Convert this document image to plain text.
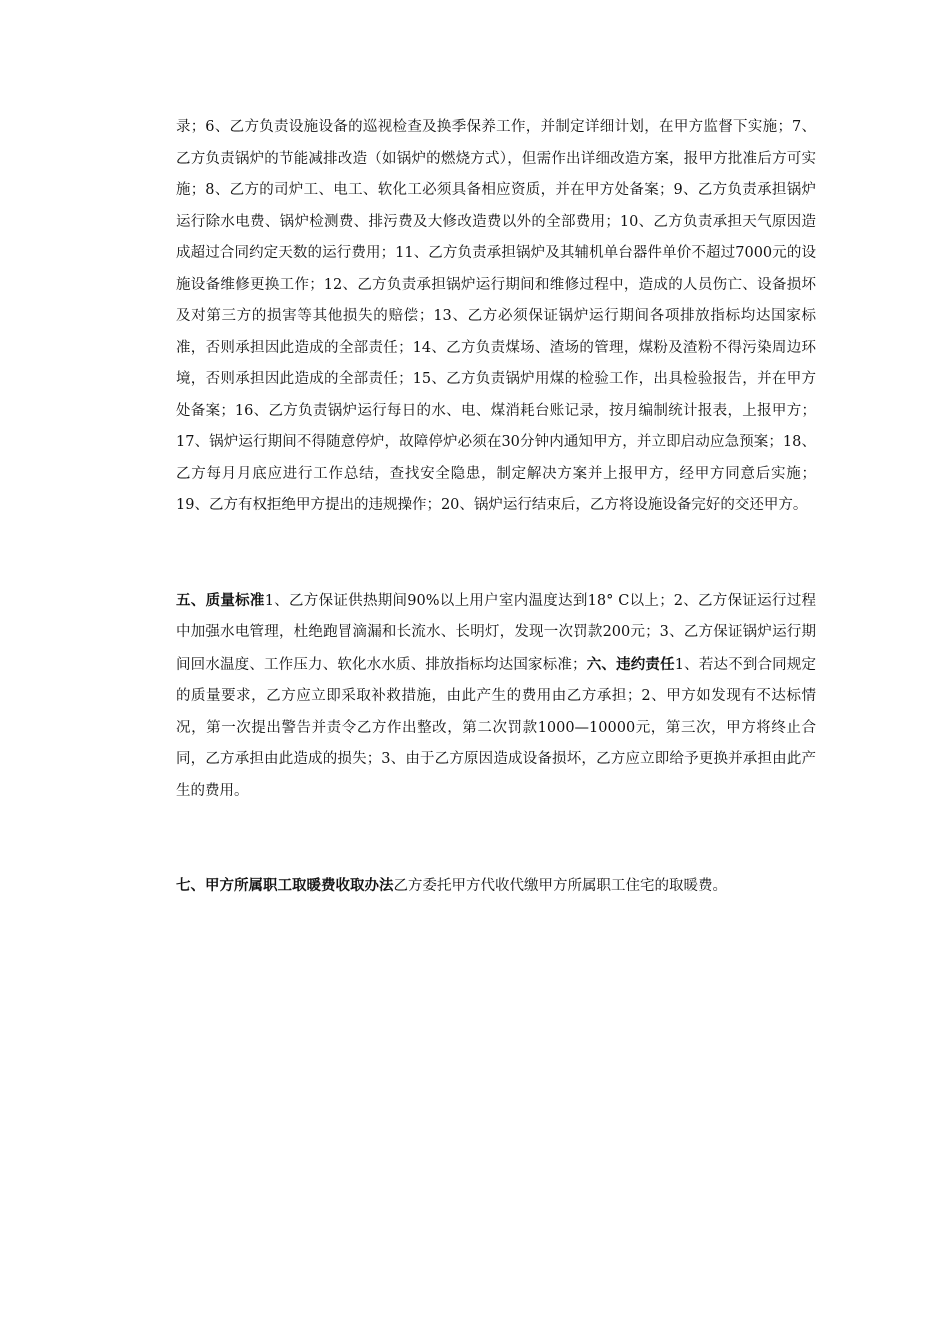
录；6、乙方负责设施设备的巡视检查及换季保养工作，并制定详细计划，在甲方监督下实施；7、乙方负责锅炉的节能减排改造（如锅炉的燃烧方式），但需作出详细改造方案，报甲方批准后方可实施；8、乙方的司炉工、电工、软化工必须具备相应资质，并在甲方处备案；9、乙方负责承担锅炉运行除水电费、锅炉检测费、排污费及大修改造费以外的全部费用；10、乙方负责承担天气原因造成超过合同约定天数的运行费用；11、乙方负责承担锅炉及其辅机单台器件单价不超过7000元的设施设备维修更换工作；12、乙方负责承担锅炉运行期间和维修过程中，造成的人员伤亡、设备损坏及对第三方的损害等其他损失的赔偿；13、乙方必须保证锅炉运行期间各项排放指标均达国家标准，否则承担因此造成的全部责任；14、乙方负责煤场、渣场的管理，煤粉及渣粉不得污染周边环境，否则承担因此造成的全部责任；15、乙方负责锅炉用煤的检验工作，出具检验报告，并在甲方处备案；16、乙方负责锅炉运行每日的水、电、煤消耗台账记录，按月编制统计报表，上报甲方；17、锅炉运行期间不得随意停炉，故障停炉必须在30分钟内通知甲方，并立即启动应急预案；18、乙方每月月底应进行工作总结，查找安全隐患，制定解决方案并上报甲方，经甲方同意后实施；19、乙方有权拒绝甲方提出的违规操作；20、锅炉运行结束后，乙方将设施设备完好的交还甲方。

五、质量标准1、乙方保证供热期间90%以上用户室内温度达到18° C以上；2、乙方保证运行过程中加强水电管理，杜绝跑冒滴漏和长流水、长明灯，发现一次罚款200元；3、乙方保证锅炉运行期间回水温度、工作压力、软化水水质、排放指标均达国家标准；六、违约责任1、若达不到合同规定的质量要求，乙方应立即采取补救措施，由此产生的费用由乙方承担；2、甲方如发现有不达标情况，第一次提出警告并责令乙方作出整改，第二次罚款1000—10000元，第三次，甲方将终止合同，乙方承担由此造成的损失；3、由于乙方原因造成设备损坏，乙方应立即给予更换并承担由此产生的费用。

七、甲方所属职工取暖费收取办法乙方委托甲方代收代缴甲方所属职工住宅的取暖费。
